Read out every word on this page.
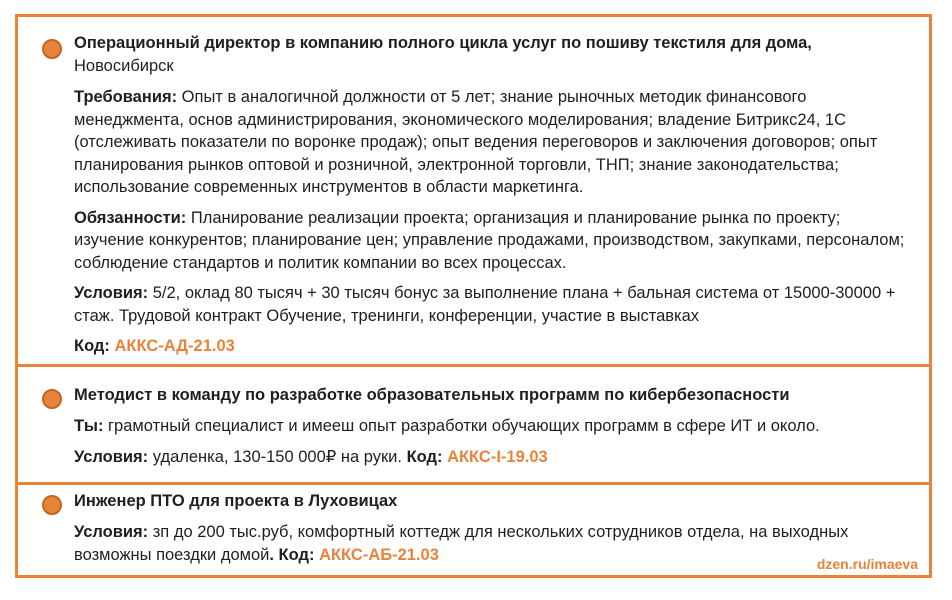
Операционный директор в компанию полного цикла услуг по пошиву текстиля для дома,

Новосибирск

Требования: Опыт в аналогичной должности от 5 лет; знание рыночных методик финансового менеджмента, основ администрирования, экономического моделирования; владение Битрикс24, 1С (отслеживать показатели по воронке продаж); опыт ведения переговоров и заключения договоров; опыт планирования рынков оптовой и розничной, электронной торговли, ТНП; знание законодательства; использование современных инструментов в области маркетинга.

Обязанности: Планирование реализации проекта; организация и планирование рынка по проекту; изучение конкурентов; планирование цен; управление продажами, производством, закупками, персоналом; соблюдение стандартов и политик компании во всех процессах.

Условия: 5/2, оклад 80 тысяч + 30 тысяч бонус за выполнение плана + бальная система от 15000-30000 + стаж. Трудовой контракт Обучение, тренинги, конференции, участие в выставках

Код: АККС-АД-21.03

Методист в команду по разработке образовательных программ по кибербезопасности

Ты: грамотный специалист и имееш опыт разработки обучающих программ в сфере ИТ и около.

Условия: удаленка, 130-150 000₽ на руки. Код: АККС-I-19.03

Инженер ПТО для проекта в Луховицах

Условия: зп до 200 тыс.руб, комфортный коттедж для нескольких сотрудников отдела, на выходных возможны поездки домой. Код: АККС-АБ-21.03

dzen.ru/imaeva
